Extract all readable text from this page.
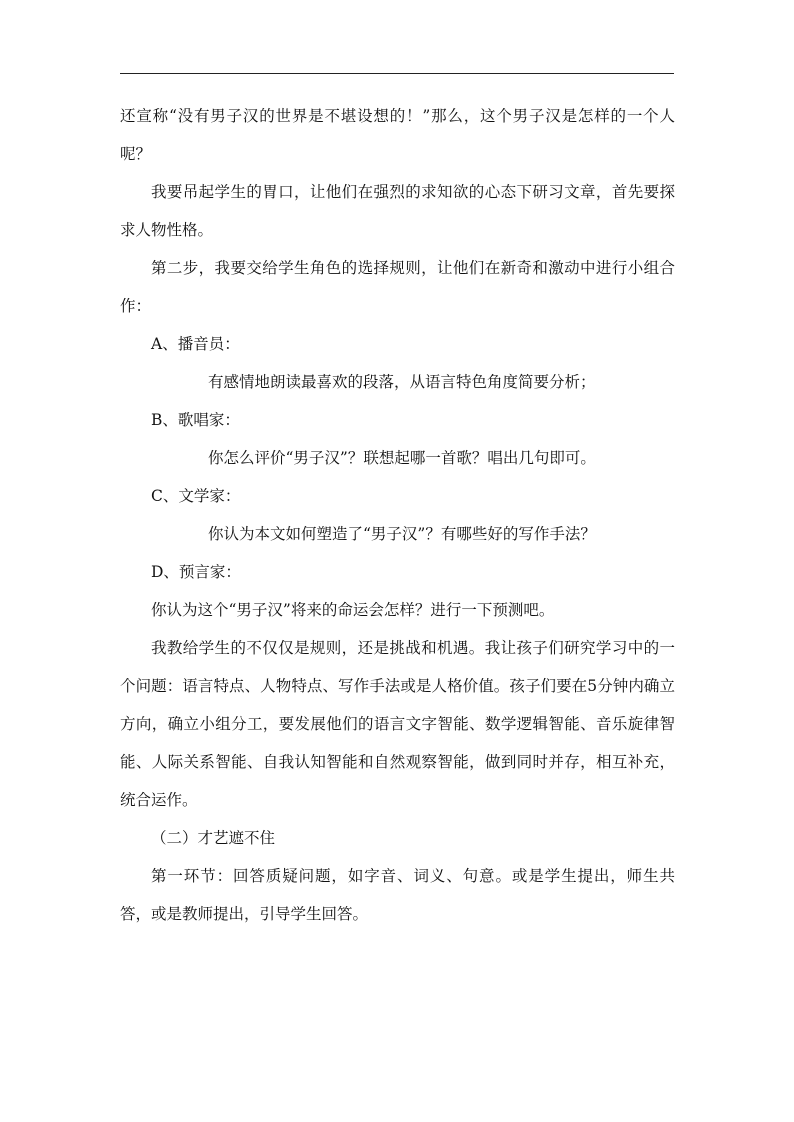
还宣称“没有男子汉的世界是不堪设想的！”那么，这个男子汉是怎样的一个人呢？

我要吊起学生的胃口，让他们在强烈的求知欲的心态下研习文章，首先要探求人物性格。

第二步，我要交给学生角色的选择规则，让他们在新奇和激动中进行小组合作：

A、播音员：

有感情地朗读最喜欢的段落，从语言特色角度简要分析；

B、歌唱家：

你怎么评价“男子汉”？联想起哪一首歌？唱出几句即可。

C、文学家：

你认为本文如何塑造了“男子汉”？有哪些好的写作手法？

D、预言家：

你认为这个“男子汉”将来的命运会怎样？进行一下预测吧。

我教给学生的不仅仅是规则，还是挑战和机遇。我让孩子们研究学习中的一个问题：语言特点、人物特点、写作手法或是人格价值。孩子们要在5分钟内确立方向，确立小组分工，要发展他们的语言文字智能、数学逻辑智能、音乐旋律智能、人际关系智能、自我认知智能和自然观察智能，做到同时并存，相互补充，统合运作。

（二）才艺遮不住

第一环节：回答质疑问题，如字音、词义、句意。或是学生提出，师生共答，或是教师提出，引导学生回答。
